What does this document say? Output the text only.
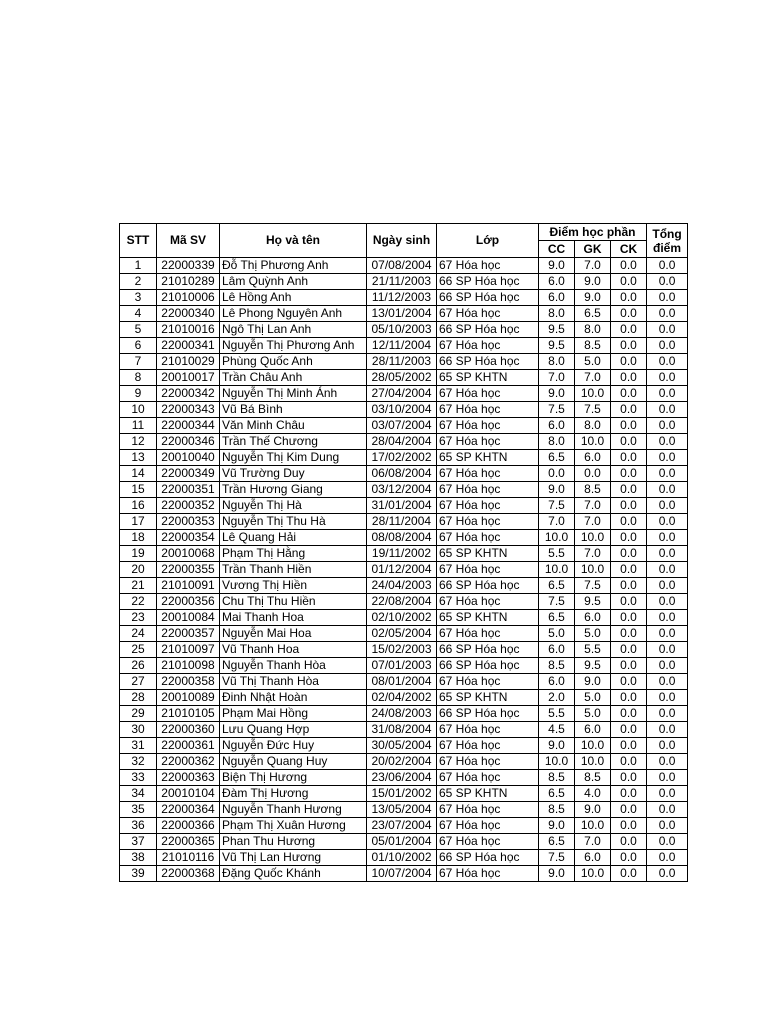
STT	Mã SV	Họ và tên	Ngày sinh	Lớp	Điểm học phần			Tổng điểm
					CC	GK	CK	
1	22000339	Đỗ Thị Phương Anh	07/08/2004	67 Hóa học	9.0	7.0	0.0	0.0
2	21010289	Lâm Quỳnh Anh	21/11/2003	66 SP Hóa học	6.0	9.0	0.0	0.0
3	21010006	Lê Hồng Anh	11/12/2003	66 SP Hóa học	6.0	9.0	0.0	0.0
4	22000340	Lê Phong Nguyên Anh	13/01/2004	67 Hóa học	8.0	6.5	0.0	0.0
5	21010016	Ngô Thị Lan Anh	05/10/2003	66 SP Hóa học	9.5	8.0	0.0	0.0
6	22000341	Nguyễn Thị Phương Anh	12/11/2004	67 Hóa học	9.5	8.5	0.0	0.0
7	21010029	Phùng Quốc Anh	28/11/2003	66 SP Hóa học	8.0	5.0	0.0	0.0
8	20010017	Trần Châu Anh	28/05/2002	65 SP KHTN	7.0	7.0	0.0	0.0
9	22000342	Nguyễn Thị Minh Ánh	27/04/2004	67 Hóa học	9.0	10.0	0.0	0.0
10	22000343	Vũ Bá Bình	03/10/2004	67 Hóa học	7.5	7.5	0.0	0.0
11	22000344	Văn Minh Châu	03/07/2004	67 Hóa học	6.0	8.0	0.0	0.0
12	22000346	Trần Thế Chương	28/04/2004	67 Hóa học	8.0	10.0	0.0	0.0
13	20010040	Nguyễn Thị Kim Dung	17/02/2002	65 SP KHTN	6.5	6.0	0.0	0.0
14	22000349	Vũ Trường Duy	06/08/2004	67 Hóa học	0.0	0.0	0.0	0.0
15	22000351	Trần Hương Giang	03/12/2004	67 Hóa học	9.0	8.5	0.0	0.0
16	22000352	Nguyễn Thị Hà	31/01/2004	67 Hóa học	7.5	7.0	0.0	0.0
17	22000353	Nguyễn Thị Thu Hà	28/11/2004	67 Hóa học	7.0	7.0	0.0	0.0
18	22000354	Lê Quang Hải	08/08/2004	67 Hóa học	10.0	10.0	0.0	0.0
19	20010068	Phạm Thị Hằng	19/11/2002	65 SP KHTN	5.5	7.0	0.0	0.0
20	22000355	Trần Thanh Hiền	01/12/2004	67 Hóa học	10.0	10.0	0.0	0.0
21	21010091	Vương Thị Hiền	24/04/2003	66 SP Hóa học	6.5	7.5	0.0	0.0
22	22000356	Chu Thị Thu Hiền	22/08/2004	67 Hóa học	7.5	9.5	0.0	0.0
23	20010084	Mai Thanh Hoa	02/10/2002	65 SP KHTN	6.5	6.0	0.0	0.0
24	22000357	Nguyễn Mai Hoa	02/05/2004	67 Hóa học	5.0	5.0	0.0	0.0
25	21010097	Vũ Thanh Hoa	15/02/2003	66 SP Hóa học	6.0	5.5	0.0	0.0
26	21010098	Nguyễn Thanh Hòa	07/01/2003	66 SP Hóa học	8.5	9.5	0.0	0.0
27	22000358	Vũ Thị Thanh Hòa	08/01/2004	67 Hóa học	6.0	9.0	0.0	0.0
28	20010089	Đinh Nhật Hoàn	02/04/2002	65 SP KHTN	2.0	5.0	0.0	0.0
29	21010105	Phạm Mai Hồng	24/08/2003	66 SP Hóa học	5.5	5.0	0.0	0.0
30	22000360	Lưu Quang Hợp	31/08/2004	67 Hóa học	4.5	6.0	0.0	0.0
31	22000361	Nguyễn Đức Huy	30/05/2004	67 Hóa học	9.0	10.0	0.0	0.0
32	22000362	Nguyễn Quang Huy	20/02/2004	67 Hóa học	10.0	10.0	0.0	0.0
33	22000363	Biện Thị Hương	23/06/2004	67 Hóa học	8.5	8.5	0.0	0.0
34	20010104	Đàm Thị Hương	15/01/2002	65 SP KHTN	6.5	4.0	0.0	0.0
35	22000364	Nguyễn Thanh Hương	13/05/2004	67 Hóa học	8.5	9.0	0.0	0.0
36	22000366	Phạm Thị Xuân Hương	23/07/2004	67 Hóa học	9.0	10.0	0.0	0.0
37	22000365	Phan Thu Hương	05/01/2004	67 Hóa học	6.5	7.0	0.0	0.0
38	21010116	Vũ Thị Lan Hương	01/10/2002	66 SP Hóa học	7.5	6.0	0.0	0.0
39	22000368	Đặng Quốc Khánh	10/07/2004	67 Hóa học	9.0	10.0	0.0	0.0
